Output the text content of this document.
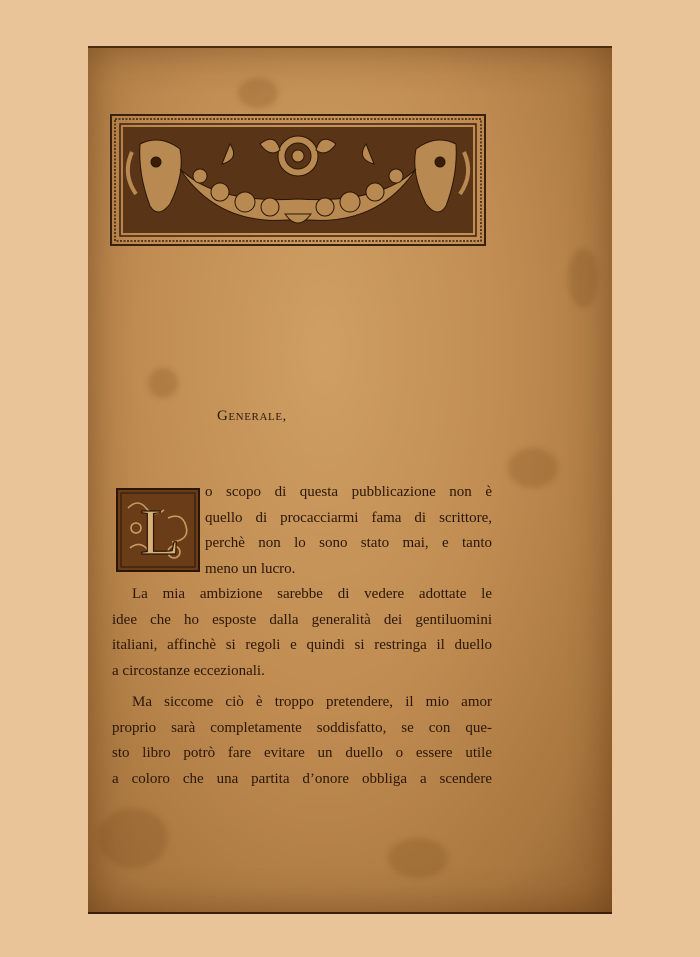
GENERALE,
L
o scopo di questa pubblicazione non è
quello di procacciarmi fama di scrittore,
perchè non lo sono stato mai, e tanto
meno un lucro.
La mia ambizione sarebbe di vedere adottate le
idee che ho esposte dalla generalità dei gentiluomini
italiani, affinchè si regoli e quindi si restringa il duello
a circostanze eccezionali.
Ma siccome ciò è troppo pretendere, il mio amor
proprio sarà completamente soddisfatto, se con que-
sto libro potrò fare evitare un duello o essere utile
a coloro che una partita d’onore obbliga a scendere
